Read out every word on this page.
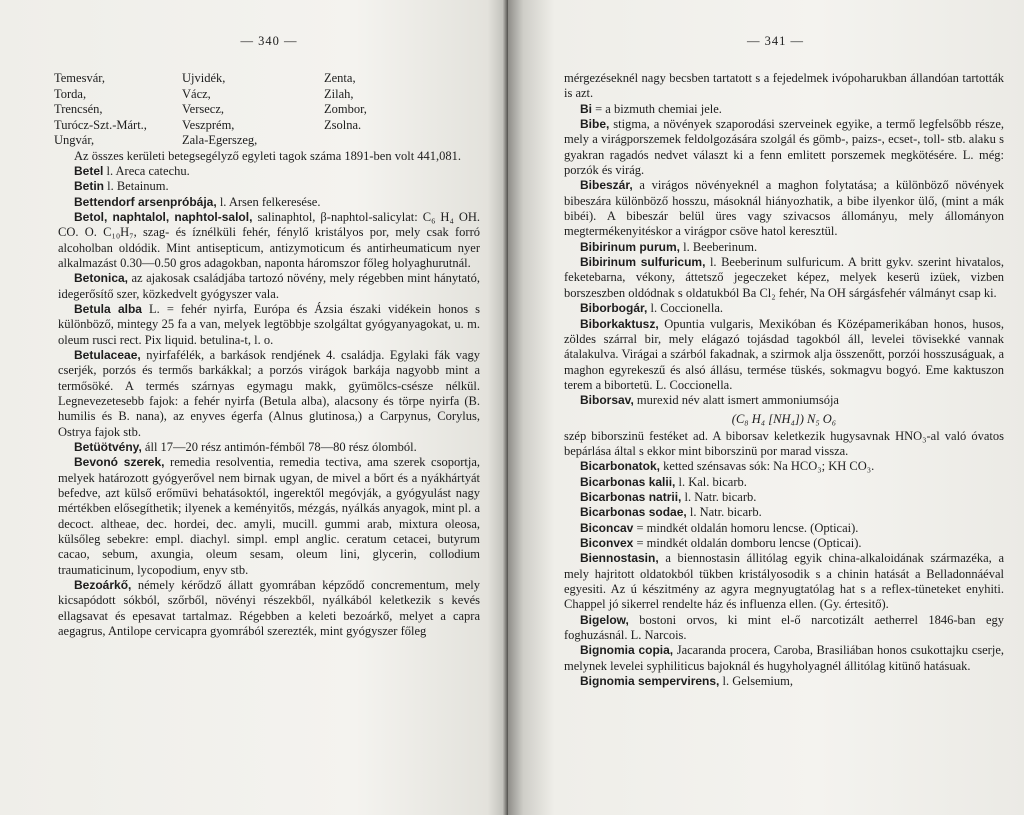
— 340 —
Temesvár,	Ujvidék,	Zenta,
Torda,	Vácz,	Zilah,
Trencsén,	Versecz,	Zombor,
Turócz-Szt.-Márt.,	Veszprém,	Zsolna.
Ungvár,	Zala-Egerszeg,

Az összes kerületi betegsegélyző egyleti tagok száma 1891-ben volt 441,081.

Betel l. Areca catechu.

Betin l. Betainum.

Bettendorf arsenpróbája, l. Arsen felkeresése.

Betol, naphtalol, naphtol-salol, salinaphtol, β-naphtol-salicylat: C₆ H₄ OH. CO. O. C₁₀H₇, szag- és íznélküli fehér, fénylő kristályos por, mely csak forró alcoholban oldódik. Mint antisepticum, antizymoticum és antirheumaticum nyer alkalmazást 0.30—0.50 gros adagokban, naponta háromszor főleg holyaghurutnál.

Betonica, az ajakosak családjába tartozó növény, mely régebben mint hánytató, idegerősítő szer, közkedvelt gyógyszer vala.

Betula alba L. = fehér nyirfa, Európa és Ázsia északi vidékein honos s különböző, mintegy 25 fa a van, melyek legtöbbje szolgáltat gyógyanyagokat, u. m. oleum rusci rect. Pix liquid. betulina-t, l. o.

Betulaceae, nyirfafélék, a barkások rendjének 4. családja. Egylaki fák vagy cserjék, porzós és termős barkákkal; a porzós virágok barkája nagyobb mint a termősöké. A termés szárnyas egymagu makk, gyümölcs-csésze nélkül. Legnevezetesebb fajok: a fehér nyirfa (Betula alba), alacsony és törpe nyirfa (B. humilis és B. nana), az enyves égerfa (Alnus glutinosa,) a Carpynus, Corylus, Ostrya fajok stb.

Betüötvény, áll 17—20 rész antimón-fémből 78—80 rész ólomból.

Bevonó szerek, remedia resolventia, remedia tectiva, ama szerek csoportja, melyek határozott gyógyerővel nem birnak ugyan, de mivel a bőrt és a nyákhártyát befedve, azt külső erőmüvi behatásoktól, ingerektől megóvják, a gyógyulást nagy mértékben elősegíthetik; ilyenek a keményitős, mézgás, nyálkás anyagok, mint pl. a decoct. altheae, dec. hordei, dec. amyli, mucill. gummi arab, mixtura oleosa, külsőleg sebekre: empl. diachyl. simpl. empl anglic. ceratum cetacei, butyrum cacao, sebum, axungia, oleum sesam, oleum lini, glycerin, collodium traumaticinum, lycopodium, enyv stb.

Bezoárkő, némely kérődző állatt gyomrában képződő concrementum, mely kicsapódott sókból, szőrből, növényi részekből, nyálkából keletkezik s kevés ellagsavat és epesavat tartalmaz. Régebben a keleti bezoárkő, melyet a capra aegagrus, Antilope cervicapra gyomrából szerezték, mint gyógyszer főleg

— 341 —

mérgezéseknél nagy becsben tartatott s a fejedelmek ivópoharukban állandóan tartották is azt.

Bi = a bizmuth chemiai jele.

Bibe, stigma, a növények szaporodási szerveinek egyike, a termő legfelsőbb része, mely a virágporszemek feldolgozására szolgál és gömb-, paizs-, ecset-, toll- stb. alaku s gyakran ragadós nedvet választ ki a fenn emlitett porszemek megkötésére. L. még: porzók és virág.

Bibeszár, a virágos növényeknél a maghon folytatása; a különböző növények bibeszára különböző hosszu, másoknál hiányozhatik, a bibe ilyenkor ülő, (mint a mák bibéi). A bibeszár belül üres vagy szivacsos állományu, mely állományon megtermékenyitéskor a virágpor csöve hatol keresztül.

Bibirinum purum, l. Beeberinum.

Bibirinum sulfuricum, l. Beeberinum sulfuricum. A britt gykv. szerint hivatalos, feketebarna, vékony, áttetsző jegeczeket képez, melyek keserü izüek, vizben borszeszben oldódnak s oldatukból Ba Cl₂ fehér, Na OH sárgásfehér válmányt csap ki.

Biborbogár, l. Coccionella.

Biborkaktusz, Opuntia vulgaris, Mexikóban és Középamerikában honos, husos, zöldes szárral bir, mely elágazó tojásdad tagokból áll, levelei tövisekké vannak átalakulva. Virágai a szárból fakadnak, a szirmok alja összenőtt, porzói hosszuságuak, a maghon egyrekeszű és alsó állásu, termése tüskés, sokmagvu bogyó. Eme kaktuszon terem a bibortetü. L. Coccionella.

Biborsav, murexid név alatt ismert ammoniumsója

(C₈ H₄ [NH₄]) N₅ O₆

szép biborszinü festéket ad. A biborsav keletkezik hugysavnak HNO₃-al való óvatos bepárlása által s ekkor mint biborszinü por marad vissza.

Bicarbonatok, ketted szénsavas sók: Na HCO₃; KH CO₃.

Bicarbonas kalii, l. Kal. bicarb.

Bicarbonas natrii, l. Natr. bicarb.

Bicarbonas sodae, l. Natr. bicarb.

Biconcav = mindkét oldalán homoru lencse. (Opticai).

Biconvex = mindkét oldalán domboru lencse (Opticai).

Biennostasin, a biennostasin állitólag egyik china-alkaloidának származéka, a mely hajritott oldatokból tükben kristályosodik s a chinin hatását a Belladonnáéval egyesiti. Az ú készitmény az agyra megnyugtatólag hat s a reflex-tüneteket enyhiti. Chappel jó sikerrel rendelte ház és influenza ellen. (Gy. értesitő).

Bigelow, bostoni orvos, ki mint el-ő narcotizált aetherrel 1846-ban egy foghuzásnál. L. Narcois.

Bignomia copia, Jacaranda procera, Caroba, Brasiliában honos csukottajku cserje, melynek levelei syphiliticus bajoknál és hugyholyagnél állitólag kitünő hatásuak.

Bignomia sempervirens, l. Gelsemium,
